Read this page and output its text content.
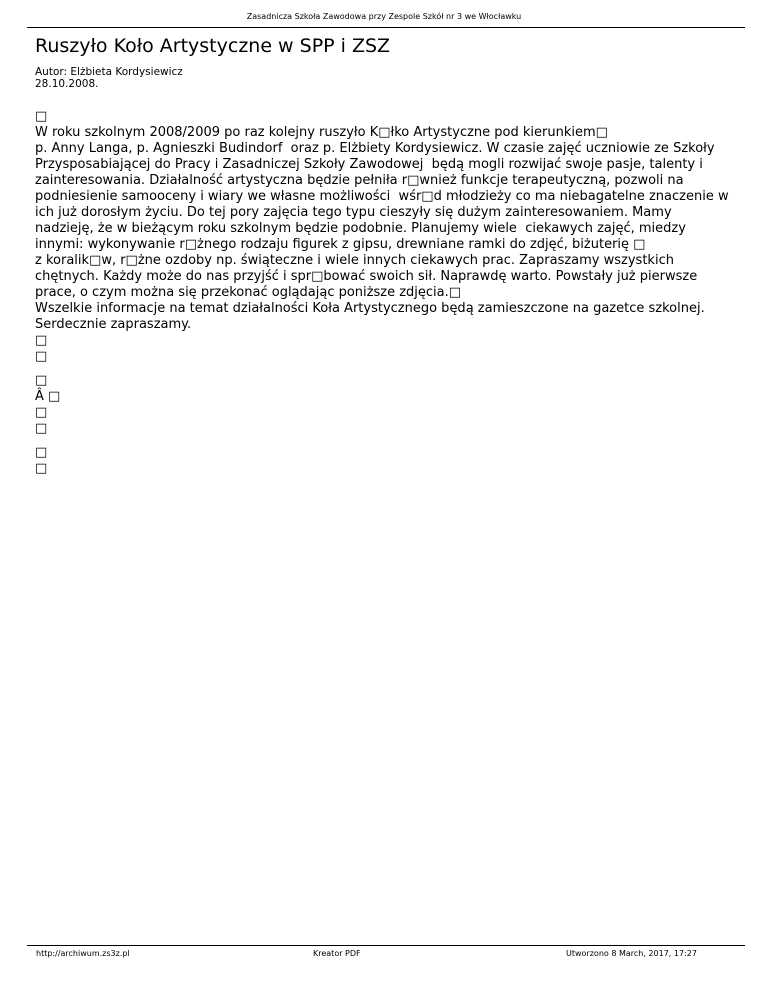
Zasadnicza Szkoła Zawodowa przy Zespole Szkół nr 3 we Włocławku
Ruszyło Koło Artystyczne w SPP i ZSZ
Autor: Elżbieta Kordysiewicz
28.10.2008.
□
W roku szkolnym 2008/2009 po raz kolejny ruszyło K□łko Artystyczne pod kierunkiem□
p. Anny Langa, p. Agnieszki Budindorf  oraz p. Elżbiety Kordysiewicz. W czasie zajęć uczniowie ze Szkoły
Przysposabiającej do Pracy i Zasadniczej Szkoły Zawodowej  będą mogli rozwijać swoje pasje, talenty i
zainteresowania. Działalność artystyczna będzie pełniła r□wnież funkcje terapeutyczną, pozwoli na
podniesienie samooceny i wiary we własne możliwości  wśr□d młodzieży co ma niebagatelne znaczenie w
ich już dorosłym życiu. Do tej pory zajęcia tego typu cieszyły się dużym zainteresowaniem. Mamy
nadzieję, że w bieżącym roku szkolnym będzie podobnie. Planujemy wiele  ciekawych zajęć, miedzy
innymi: wykonywanie r□żnego rodzaju figurek z gipsu, drewniane ramki do zdjęć, biżuterię □
z koralik□w, r□żne ozdoby np. świąteczne i wiele innych ciekawych prac. Zapraszamy wszystkich
chętnych. Każdy może do nas przyjść i spr□bować swoich sił. Naprawdę warto. Powstały już pierwsze
prace, o czym można się przekonać oglądając poniższe zdjęcia.□
Wszelkie informacje na temat działalności Koła Artystycznego będą zamieszczone na gazetce szkolnej.
Serdecznie zapraszamy.
□
□
□
Â □
□
□
□
□
http://archiwum.zs3z.pl	Kreator PDF	Utworzono 8 March, 2017, 17:27
